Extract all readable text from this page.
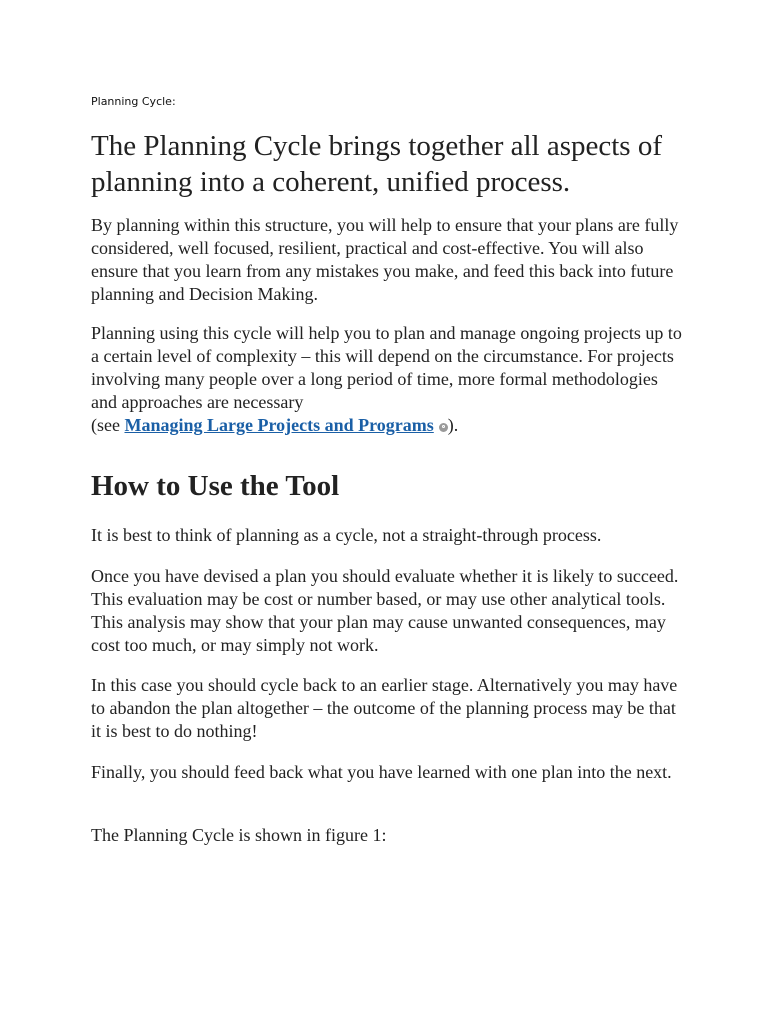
Planning Cycle:

The Planning Cycle brings together all aspects of planning into a coherent, unified process.

By planning within this structure, you will help to ensure that your plans are fully considered, well focused, resilient, practical and cost-effective. You will also ensure that you learn from any mistakes you make, and feed this back into future planning and Decision Making.

Planning using this cycle will help you to plan and manage ongoing projects up to a certain level of complexity – this will depend on the circumstance. For projects involving many people over a long period of time, more formal methodologies and approaches are necessary
(see Managing Large Projects and Programs ).

How to Use the Tool

It is best to think of planning as a cycle, not a straight-through process.

Once you have devised a plan you should evaluate whether it is likely to succeed. This evaluation may be cost or number based, or may use other analytical tools. This analysis may show that your plan may cause unwanted consequences, may cost too much, or may simply not work.

In this case you should cycle back to an earlier stage. Alternatively you may have to abandon the plan altogether – the outcome of the planning process may be that it is best to do nothing!

Finally, you should feed back what you have learned with one plan into the next.

The Planning Cycle is shown in figure 1:
